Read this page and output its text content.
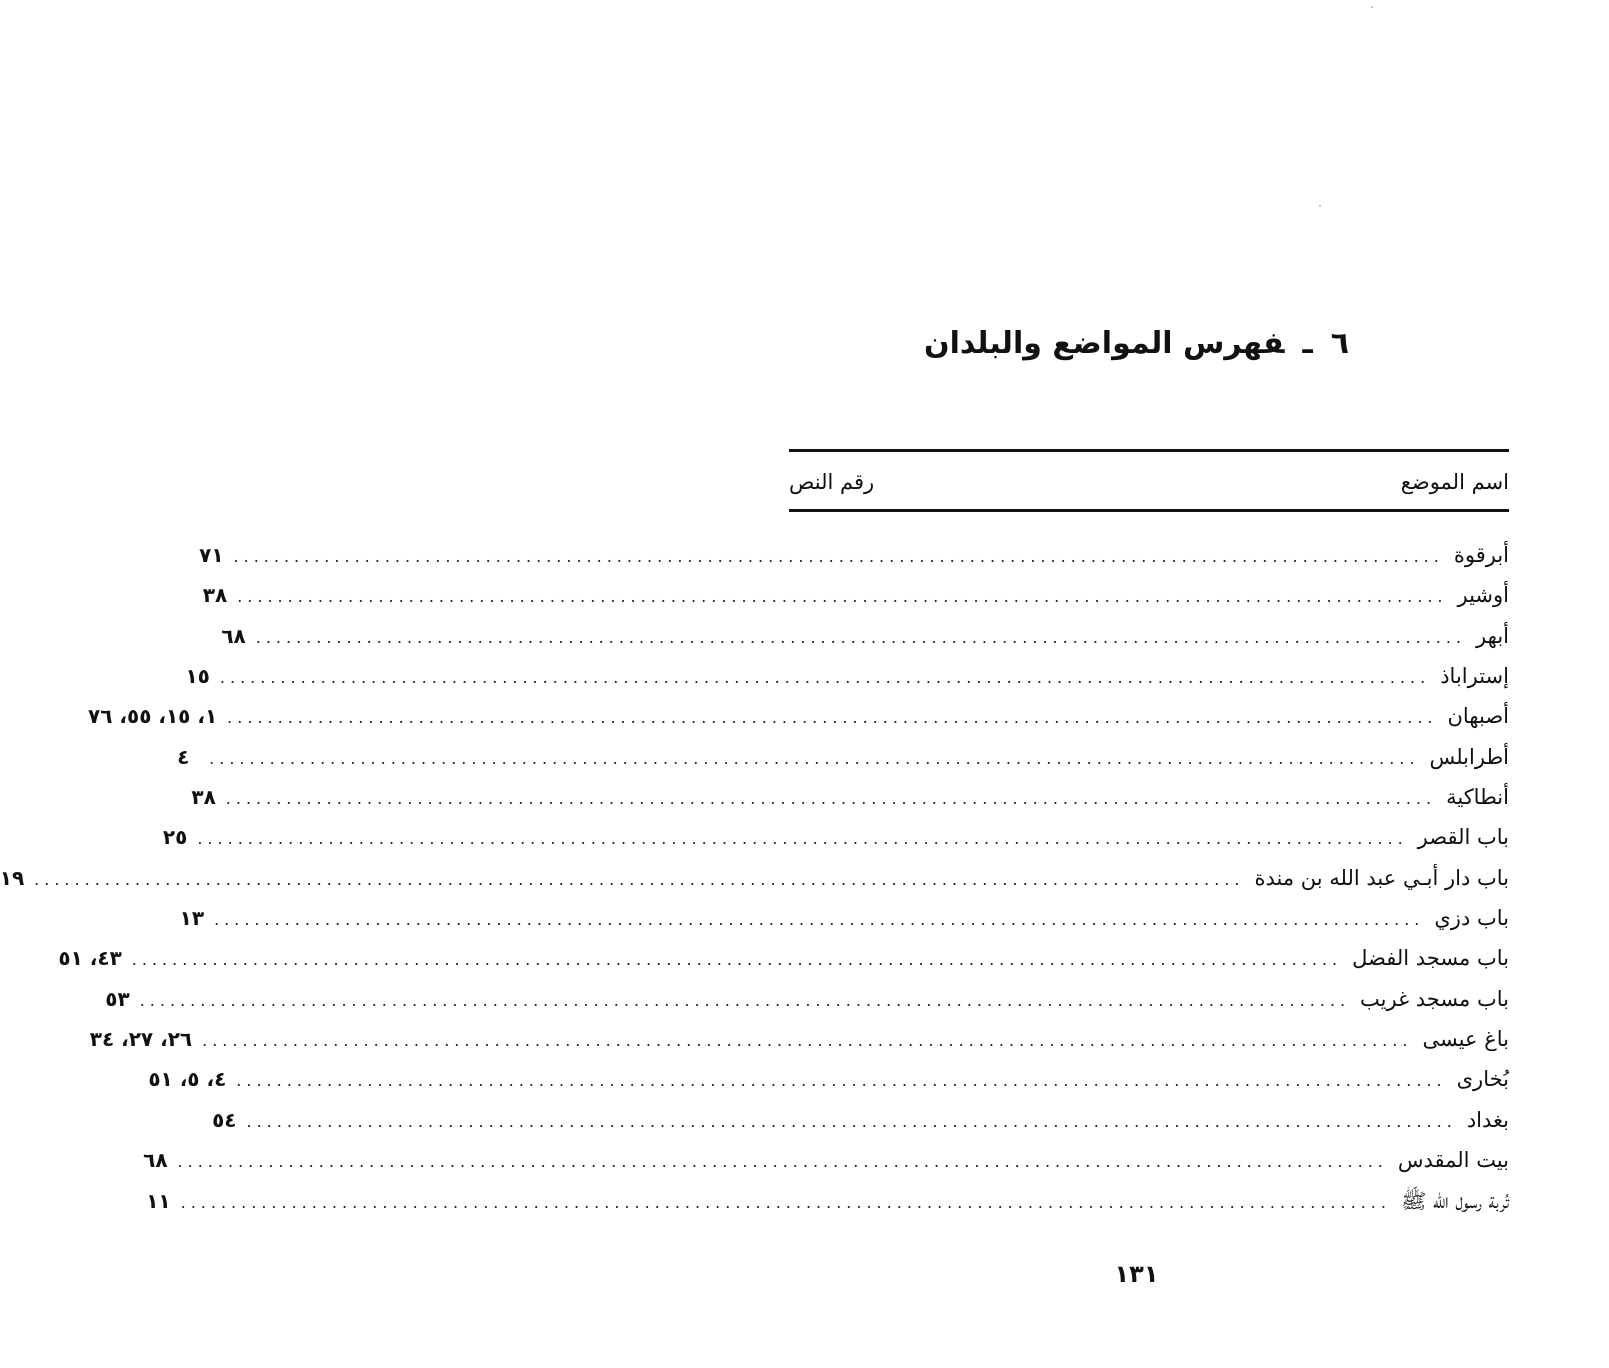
٦ـفهرس المواضع والبلدان
اسم الموضع
رقم النص
أبرقوة
........................................................................................................................
٧١
أوشير
........................................................................................................................
٣٨
أبهر
........................................................................................................................
٦٨
إستراباذ
........................................................................................................................
١٥
أصبهان
........................................................................................................................
١، ١٥، ٥٥، ٧٦
أطرابلس
........................................................................................................................
٤
أنطاكية
........................................................................................................................
٣٨
باب القصر
........................................................................................................................
٢٥
باب دار أبـي عبد الله بن مندة
........................................................................................................................
١٩
باب دزي
........................................................................................................................
١٣
باب مسجد الفضل
........................................................................................................................
٤٣، ٥١
باب مسجد غريب
........................................................................................................................
٥٣
باغ عيسى
........................................................................................................................
٢٦، ٢٧، ٣٤
بُخارى
........................................................................................................................
٤، ٥، ٥١
بغداد
........................................................................................................................
٥٤
بيت المقدس
........................................................................................................................
٦٨
تُربة رسول الله ﷺ
........................................................................................................................
١١
١٣١
